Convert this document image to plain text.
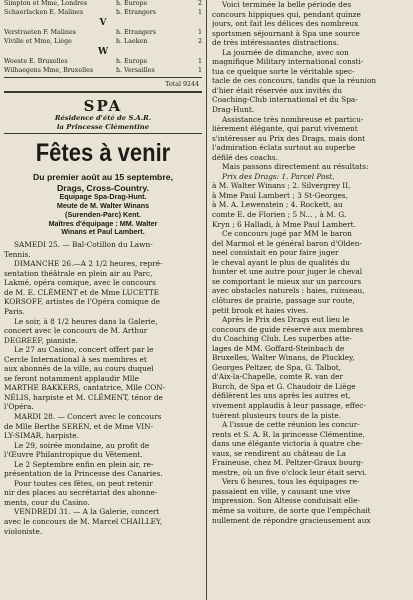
Simpton et Mme, Londres	h. Europe	2
Schaerlacken E. Malines	h. Etrangers	1
V
Verstraeten F. Malines	h. Etrangers	1
Viville et Mme, Liège	h. Laeken	2
W
Woeste E. Bruxelles	h. Europe	1
Wilhaegens Mme, Bruxelles	h. Versailles	1
Total 9244
SPA
Résidence d'été de S.A.R.
la Princesse Clémentine
Fêtes à venir
Du premier août au 15 septembre,
Drags, Cross-Country.
Equipage Spa-Drag-Hunt.
Meute de M. Walter Winans
(Surenden-Parc) Kent.
Maîtres d'équipage : MM. Walter
Winans et Paul Lambert.
SAMEDI 25. — Bal-Cotillon du Lawn-
Tennis.
DIMANCHE 26.—A 2 1/2 heures, repré-
sentation théâtrale en plein air au Parc,
Lakmé, opéra comique, avec le concours
de M. E. CLÉMENT et de Mme LUCETTE
KORSOFF, artistes de l'Opéra comique de
Paris.
Le soir, à 8 1/2 heures dans la Galerie,
concert avec le concours de M. Arthur
DEGREEF, pianiste.
Le 27 au Casino, concert offert par le
Cercle International à ses membres et
aux abonnés de la ville, au cours duquel
se feront notamment applaudir Mlle
MARTHE BAKKERS, cantatrice, Mlle CON-
NÉLIS, harpiste et M. CLÉMENT, ténor de
l'Opéra.
MARDI 28. — Concert avec le concours
de Mlle Berthe SEREN, et de Mme VIN-
LY-SIMAR, harpiste.
Le 29, soirée mondaine, au profit de
l'Œuvre Philantropique du Vêtement.
Le 2 Septembre enfin en plein air, re-
présentation de la Princesse des Canaries.
Pour toutes ces fêtes, on peut retenir
nir des places au secrétariat des abonne-
ments, cour du Casino.
VENDREDI 31. — A la Galerie, concert
avec le concours de M. Marcel CHAILLEY,
violoniste.
Voici terminée la belle période des
concours hippiques qui, pendant quinze
jours, ont fait les délices des nombreux
sportsmen séjournant à Spa une source
de très intéressantes distractions.
La journée de dimanche, avec son
magnifique Military international consti-
tua ce quelque sorte le véritable spec-
tacle de ces concours, tandis que la réunion
d'hier était réservée aux invités du
Coaching-Club international et du Spa-
Drag-Hunt.
Assistance très nombreuse et particu-
lièrement élégante, qui parut vivement
s'intéresser au Prix des Drags, mais dont
l'admiration éclata surtout au superbe
défilé des coachs.
Mais passons directement au résultats:
Prix des Drags: 1. Parcel Post,
à M. Walter Winans ; 2. Silvergrey II,
à Mme Paul Lambert ; 3 St-Georges,
à M. A. Lewenstein ; 4. Rockett, au
comte E. de Florien ; 5 N... , à M. G.
Kryn ; 6 Halladi, à Mme Paul Lambert.
Ce concours jugé par MM le baron
del Marmol et le général baron d'Olden-
neel consistait en pour faire juger
le cheval ayant le plus de qualités du
hunter et une autre pour juger le cheval
se comportant le mieux sur un parcours
avec obstacles naturels : haies, ruisseau,
clôtures de prairie, passage sur route,
petit brook et haies vives.
Après le Prix des Drags eut lieu le
concours de guide réservé aux membres
du Coaching Club. Les superbes atte-
lages de MM. Goffard-Steinbach de
Bruxelles, Walter Winans, de Pluckley,
Georges Peltzer, de Spa, G. Talbot,
d'Aix-la-Chapelle, comte R. van der
Burch, de Spa et G. Chaudoir de Liège
défilèrent les uns après les autres et,
vivement applaudis à leur passage, effec-
tuèrent plusieurs tours de la piste.
A l'issue de cette réunion les concur-
rents et S. A. R. la princesse Clémentine,
dans une élégante victoria à quatre che-
vaux, se rendirent au château de La
Fraineuse, chez M. Peltzer-Graux bourg-
mestre, où un five o'clock leur était servi.
Vers 6 heures, tous les équipages re-
passaient en ville, y causant une vive
impression. Son Altesse conduisait elle-
même sa voiture, de sorte que l'empêchait
nullement de répondre gracieusement aux
